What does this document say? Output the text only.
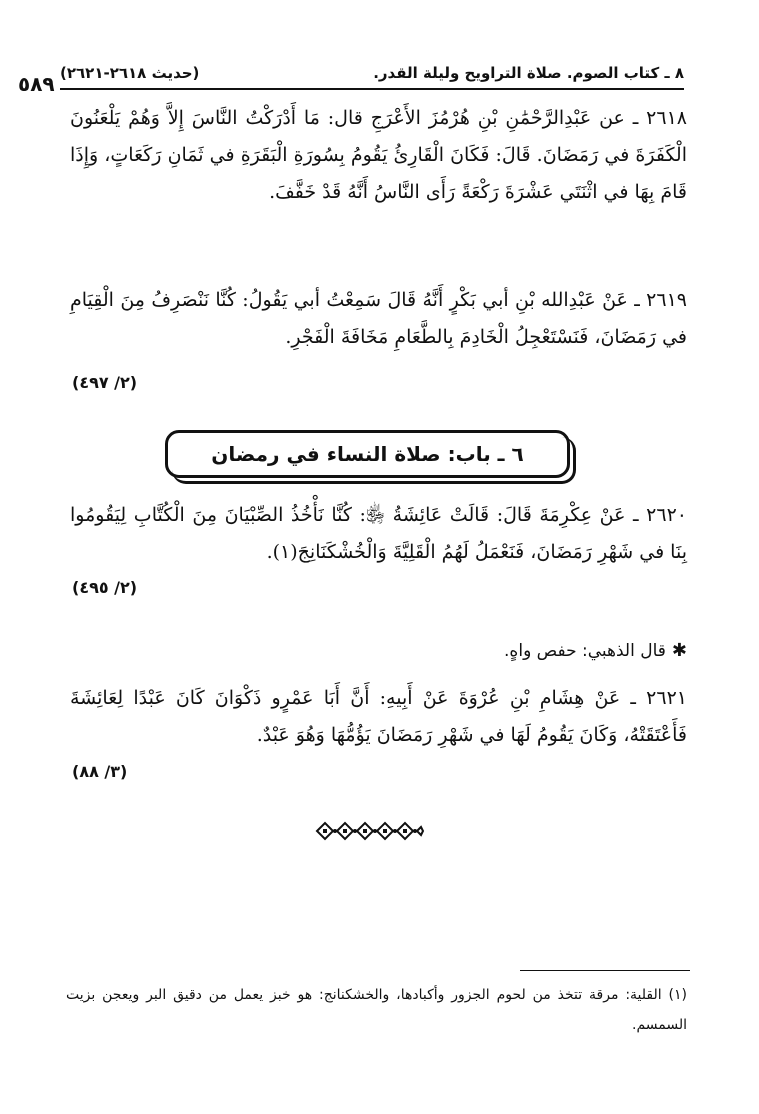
٥٨٩ (حديث ٢٦١٨-٢٦٢١)	٨ ـ كتاب الصوم. صلاة التراويح وليلة القدر.

٢٦١٨ ـ عن عَبْدِالرَّحْمَٰنِ بْنِ هُرْمُزَ الأَعْرَجِ قال: مَا أَدْرَكْتُ النَّاسَ إِلاَّ وَهُمْ يَلْعَنُونَ الْكَفَرَةَ في رَمَضَانَ. قَالَ: فَكَانَ الْقَارِئُ يَقُومُ بِسُورَةِ الْبَقَرَةِ في ثَمَانِ رَكَعَاتٍ، وَإِذَا قَامَ بِهَا في اثْنَتَي عَشْرَةَ رَكْعَةً رَأَى النَّاسُ أَنَّهُ قَدْ خَفَّفَ.

٢٦١٩ ـ عَنْ عَبْدِالله بْنِ أبي بَكْرٍ أَنَّهُ قَالَ سَمِعْتُ أبي يَقُولُ: كُنَّا نَنْصَرِفُ مِنَ الْقِيَامِ في رَمَضَانَ، فَنَسْتَعْجِلُ الْخَادِمَ بِالطَّعَامِ مَخَافَةَ الْفَجْرِ.

(٢/ ٤٩٧)
٦ ـ باب: صلاة النساء في رمضان

٢٦٢٠ ـ عَنْ عِكْرِمَةَ قَالَ: قَالَتْ عَائِشَةُ ﵂: كُنَّا نَأْخُذُ الصِّبْيَانَ مِنَ الْكُتَّابِ لِيَقُومُوا بِنَا في شَهْرِ رَمَضَانَ، فَنَعْمَلُ لَهُمُ الْقَلِيَّةَ وَالْخُشْكَنَانِجَ(١).

(٢/ ٤٩٥)
✱قال الذهبي: حفص واهٍ.

٢٦٢١ ـ عَنْ هِشَامِ بْنِ عُرْوَةَ عَنْ أَبِيهِ: أَنَّ أَبَا عَمْرٍو ذَكْوَانَ كَانَ عَبْدًا لِعَائِشَةَ فَأَعْتَقَتْهُ، وَكَانَ يَقُومُ لَهَا في شَهْرِ رَمَضَانَ يَؤُمُّهَا وَهُوَ عَبْدٌ.

(٣/ ٨٨)

(١) القلية: مرقة تتخذ من لحوم الجزور وأكبادها، والخشكنانج: هو خبز يعمل من دقيق البر ويعجن بزيت السمسم.
